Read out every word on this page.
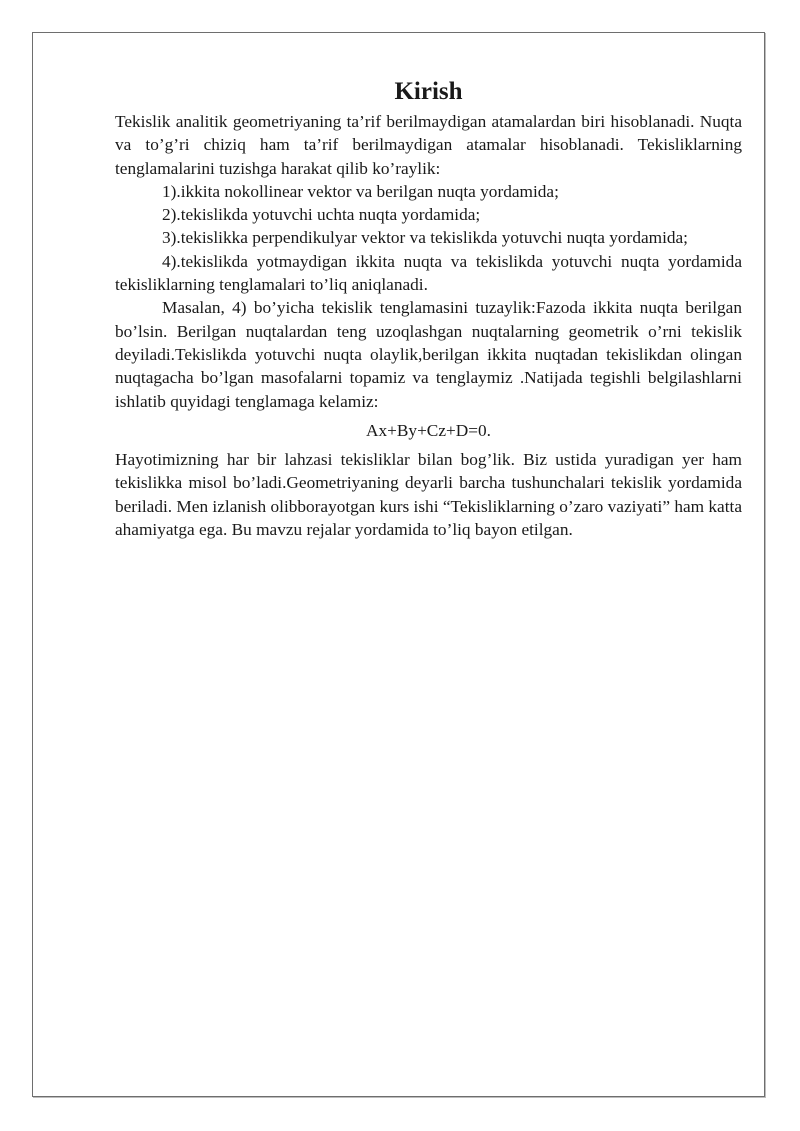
Kirish

Tekislik analitik geometriyaning ta’rif berilmaydigan atamalardan biri hisoblanadi. Nuqta va to’g’ri chiziq ham ta’rif berilmaydigan atamalar hisoblanadi. Tekisliklarning tenglamalarini tuzishga harakat qilib ko’raylik:

1).ikkita nokollinear vektor va berilgan nuqta yordamida;

2).tekislikda yotuvchi uchta nuqta yordamida;

3).tekislikka perpendikulyar vektor va tekislikda yotuvchi nuqta yordamida;

4).tekislikda yotmaydigan ikkita nuqta va tekislikda yotuvchi nuqta yordamida tekisliklarning tenglamalari to’liq aniqlanadi.

Masalan, 4) bo’yicha tekislik tenglamasini tuzaylik:Fazoda ikkita nuqta berilgan bo’lsin. Berilgan nuqtalardan teng uzoqlashgan nuqtalarning geometrik o’rni tekislik deyiladi.Tekislikda yotuvchi nuqta olaylik,berilgan ikkita nuqtadan tekislikdan olingan nuqtagacha bo’lgan masofalarni topamiz va tenglaymiz .Natijada tegishli belgilashlarni ishlatib quyidagi tenglamaga kelamiz:

Ax+By+Cz+D=0.

Hayotimizning har bir lahzasi tekisliklar bilan bog’lik. Biz ustida yuradigan yer ham tekislikka misol bo’ladi.Geometriyaning deyarli barcha tushunchalari tekislik yordamida beriladi. Men izlanish olibborayotgan kurs ishi “Tekisliklarning o’zaro vaziyati” ham katta ahamiyatga ega. Bu mavzu rejalar yordamida to’liq bayon etilgan.
